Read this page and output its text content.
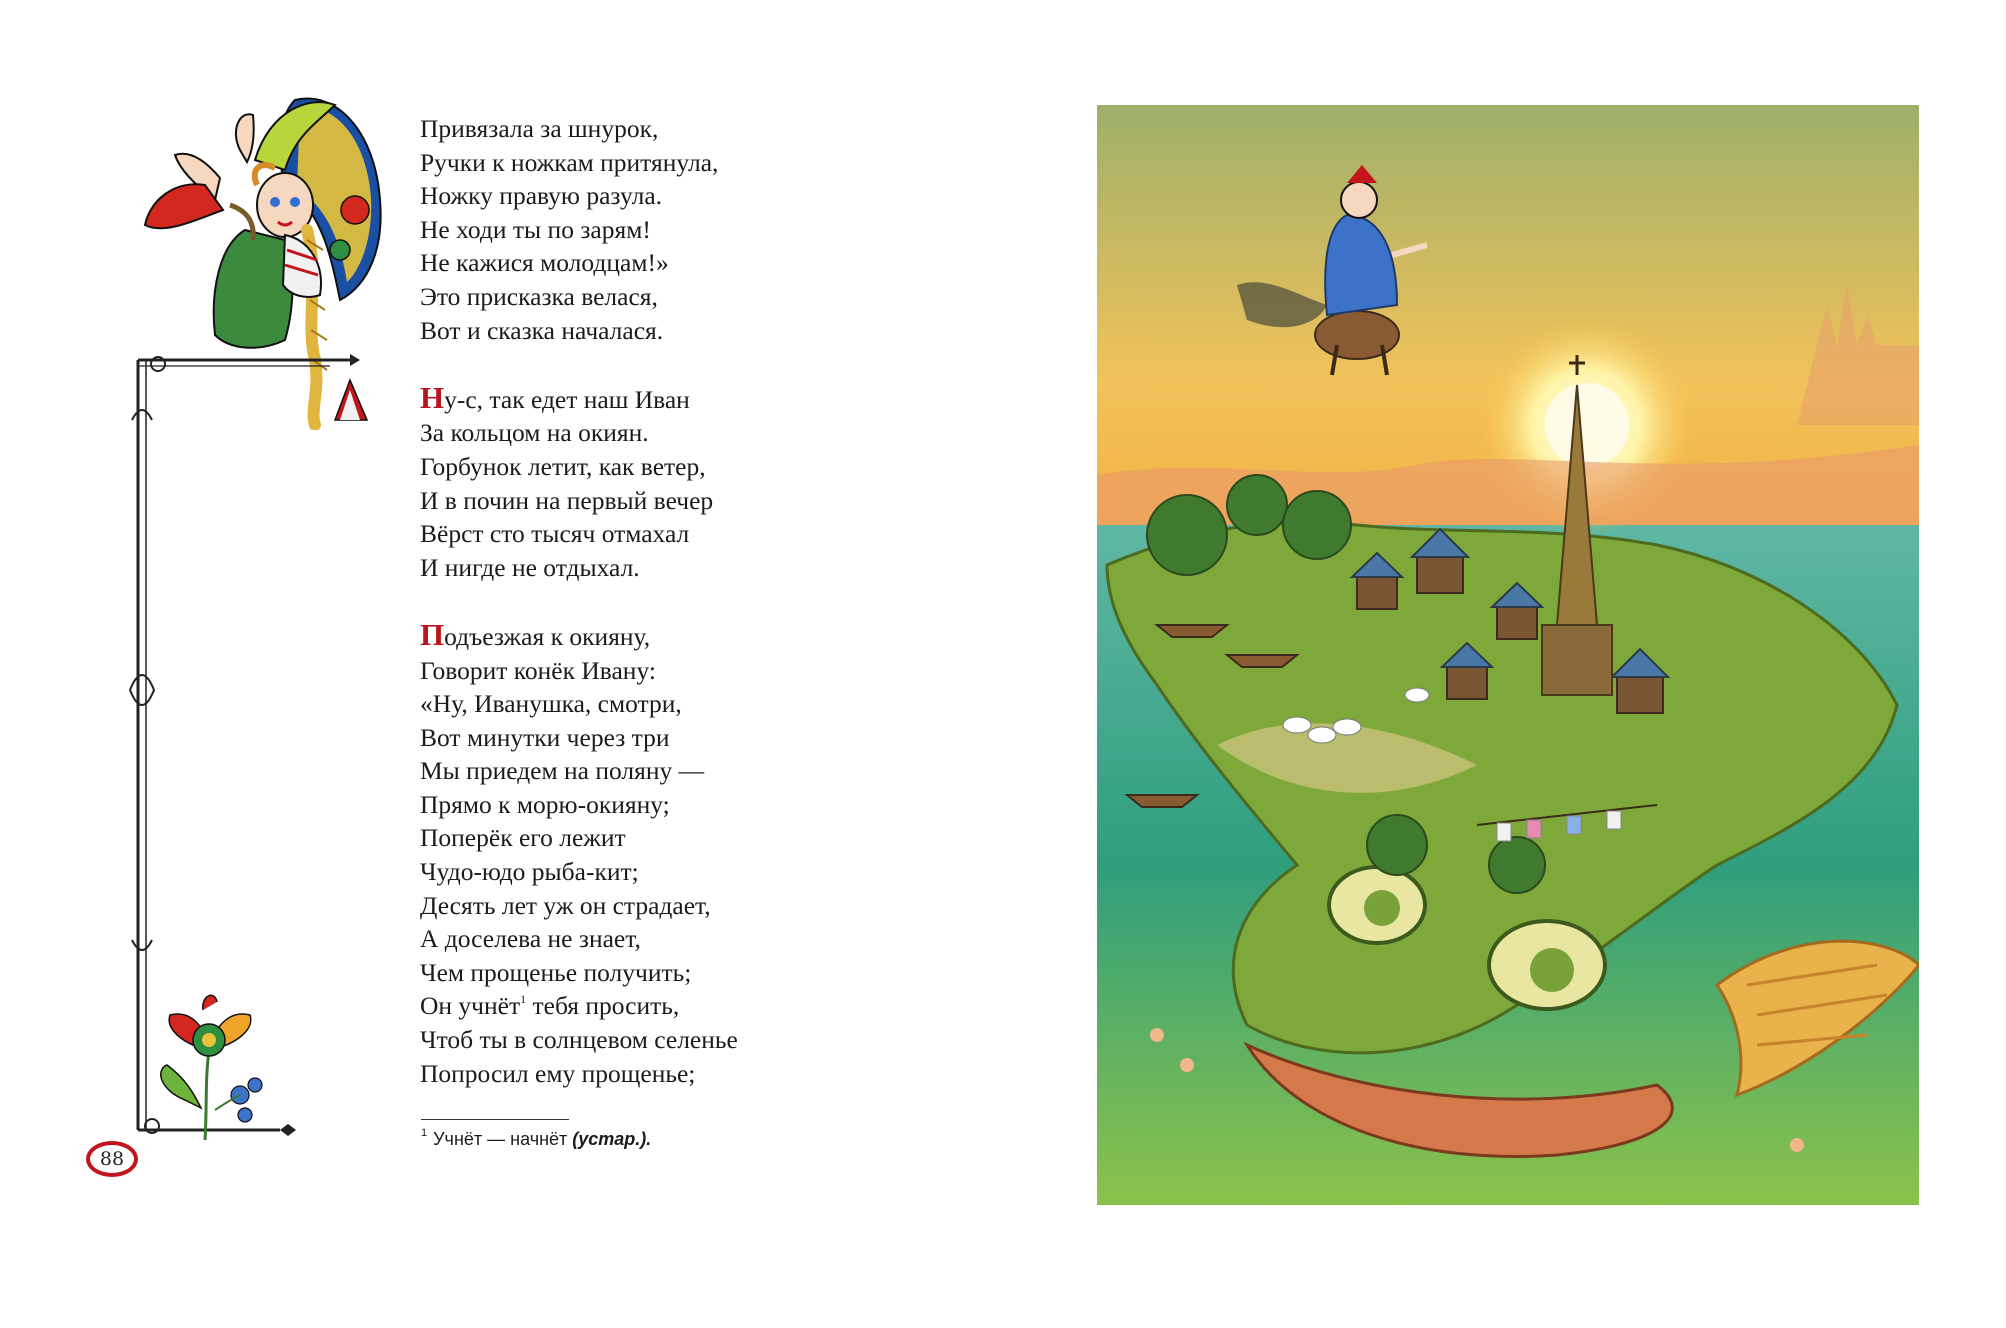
88
Привязала за шнурок,
Ручки к ножкам притянула,
Ножку правую разула.
Не ходи ты по зарям!
Не кажися молодцам!»
Это присказка велася,
Вот и сказка началася.
Ну-с, так едет наш Иван
За кольцом на окиян.
Горбунок летит, как ветер,
И в почин на первый вечер
Вёрст сто тысяч отмахал
И нигде не отдыхал.
Подъезжая к окияну,
Говорит конёк Ивану:
«Ну, Иванушка, смотри,
Вот минутки через три
Мы приедем на поляну —
Прямо к морю-окияну;
Поперёк его лежит
Чудо-юдо рыба-кит;
Десять лет уж он страдает,
А доселева не знает,
Чем прощенье получить;
Он учнёт$^1$ тебя просить,
Чтоб ты в солнцевом селенье
Попросил ему прощенье;
$^1$ Учнёт — начнёт (устар.).
